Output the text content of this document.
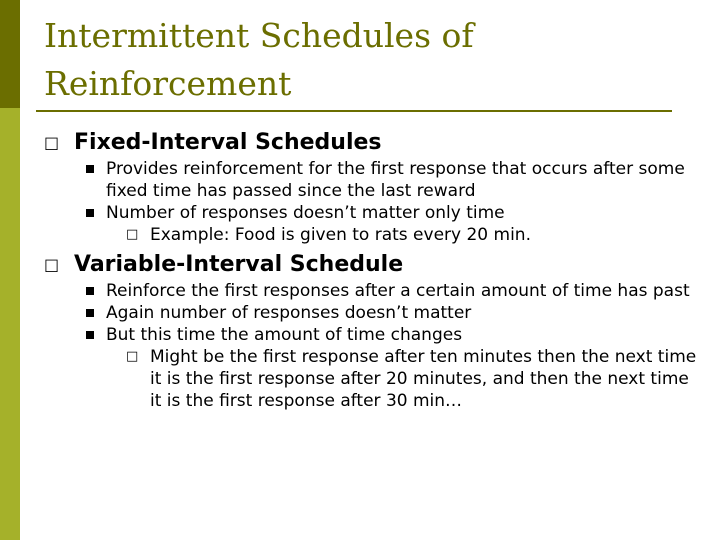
Intermittent Schedules of Reinforcement
□ Fixed-Interval Schedules
Provides reinforcement for the first response that occurs after some fixed time has passed since the last reward
Number of responses doesn’t matter only time
□ Example: Food is given to rats every 20 min.
□ Variable-Interval Schedule
Reinforce the first responses after a certain amount of time has past
Again number of responses doesn’t matter
But this time the amount of time changes
□ Might be the first response after ten minutes then the next time it is the first response after 20 minutes, and then the next time it is the first response after 30 min…
